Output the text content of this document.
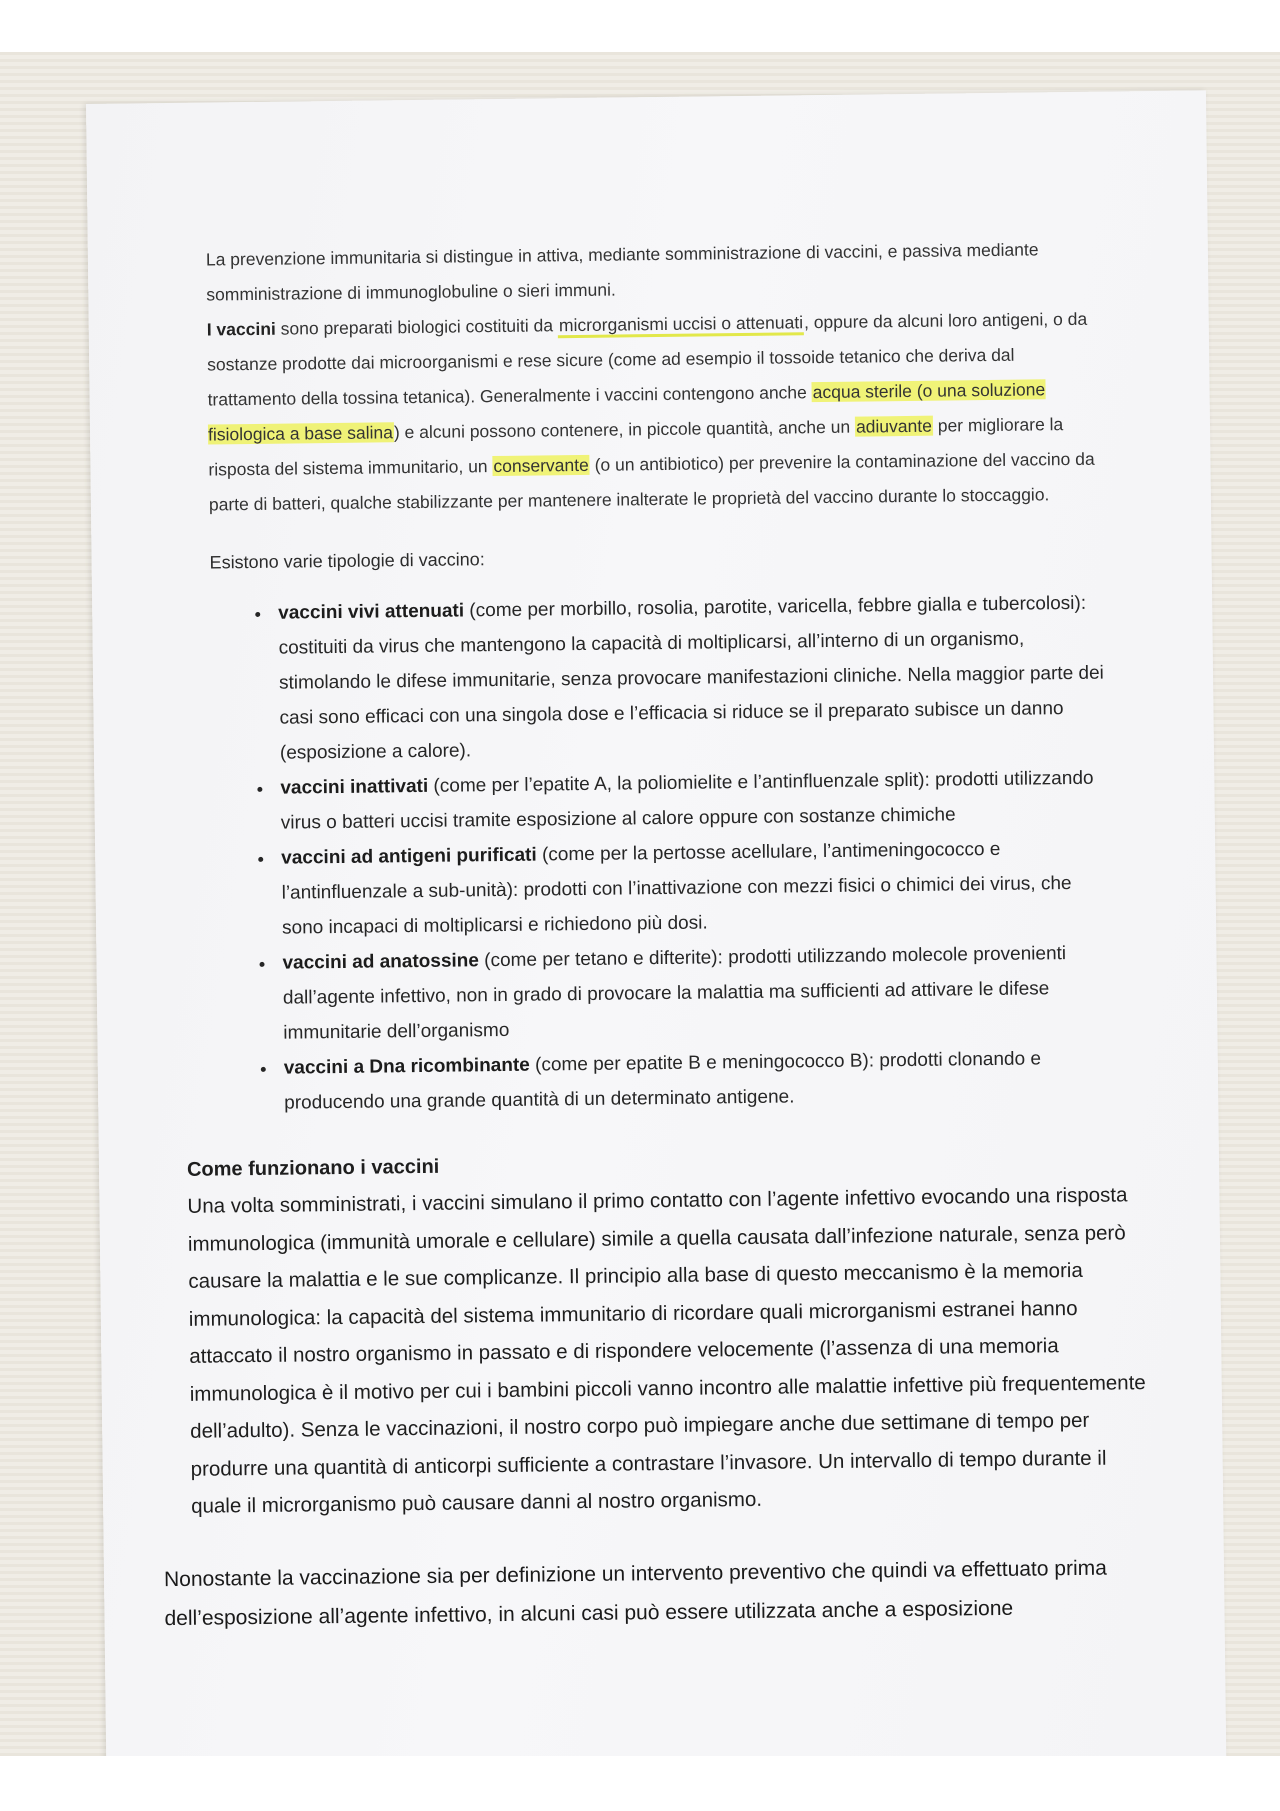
La prevenzione immunitaria si distingue in attiva, mediante somministrazione di vaccini, e passiva mediante somministrazione di immunoglobuline o sieri immuni.

I vaccini sono preparati biologici costituiti da microrganismi uccisi o attenuati, oppure da alcuni loro antigeni, o da sostanze prodotte dai microorganismi e rese sicure (come ad esempio il tossoide tetanico che deriva dal trattamento della tossina tetanica). Generalmente i vaccini contengono anche acqua sterile (o una soluzione fisiologica a base salina) e alcuni possono contenere, in piccole quantità, anche un adiuvante per migliorare la risposta del sistema immunitario, un conservante (o un antibiotico) per prevenire la contaminazione del vaccino da parte di batteri, qualche stabilizzante per mantenere inalterate le proprietà del vaccino durante lo stoccaggio.

Esistono varie tipologie di vaccino:

• vaccini vivi attenuati (come per morbillo, rosolia, parotite, varicella, febbre gialla e tubercolosi): costituiti da virus che mantengono la capacità di moltiplicarsi, all’interno di un organismo, stimolando le difese immunitarie, senza provocare manifestazioni cliniche. Nella maggior parte dei casi sono efficaci con una singola dose e l’efficacia si riduce se il preparato subisce un danno (esposizione a calore).
• vaccini inattivati (come per l’epatite A, la poliomielite e l’antinfluenzale split): prodotti utilizzando virus o batteri uccisi tramite esposizione al calore oppure con sostanze chimiche
• vaccini ad antigeni purificati (come per la pertosse acellulare, l’antimeningococco e l’antinfluenzale a sub-unità): prodotti con l’inattivazione con mezzi fisici o chimici dei virus, che sono incapaci di moltiplicarsi e richiedono più dosi.
• vaccini ad anatossine (come per tetano e difterite): prodotti utilizzando molecole provenienti dall’agente infettivo, non in grado di provocare la malattia ma sufficienti ad attivare le difese immunitarie dell’organismo
• vaccini a Dna ricombinante (come per epatite B e meningococco B): prodotti clonando e producendo una grande quantità di un determinato antigene.
Come funzionano i vaccini

Una volta somministrati, i vaccini simulano il primo contatto con l’agente infettivo evocando una risposta immunologica (immunità umorale e cellulare) simile a quella causata dall’infezione naturale, senza però causare la malattia e le sue complicanze. Il principio alla base di questo meccanismo è la memoria immunologica: la capacità del sistema immunitario di ricordare quali microrganismi estranei hanno attaccato il nostro organismo in passato e di rispondere velocemente (l’assenza di una memoria immunologica è il motivo per cui i bambini piccoli vanno incontro alle malattie infettive più frequentemente dell’adulto). Senza le vaccinazioni, il nostro corpo può impiegare anche due settimane di tempo per produrre una quantità di anticorpi sufficiente a contrastare l’invasore. Un intervallo di tempo durante il quale il microrganismo può causare danni al nostro organismo.

Nonostante la vaccinazione sia per definizione un intervento preventivo che quindi va effettuato prima dell’esposizione all’agente infettivo, in alcuni casi può essere utilizzata anche a esposizione
